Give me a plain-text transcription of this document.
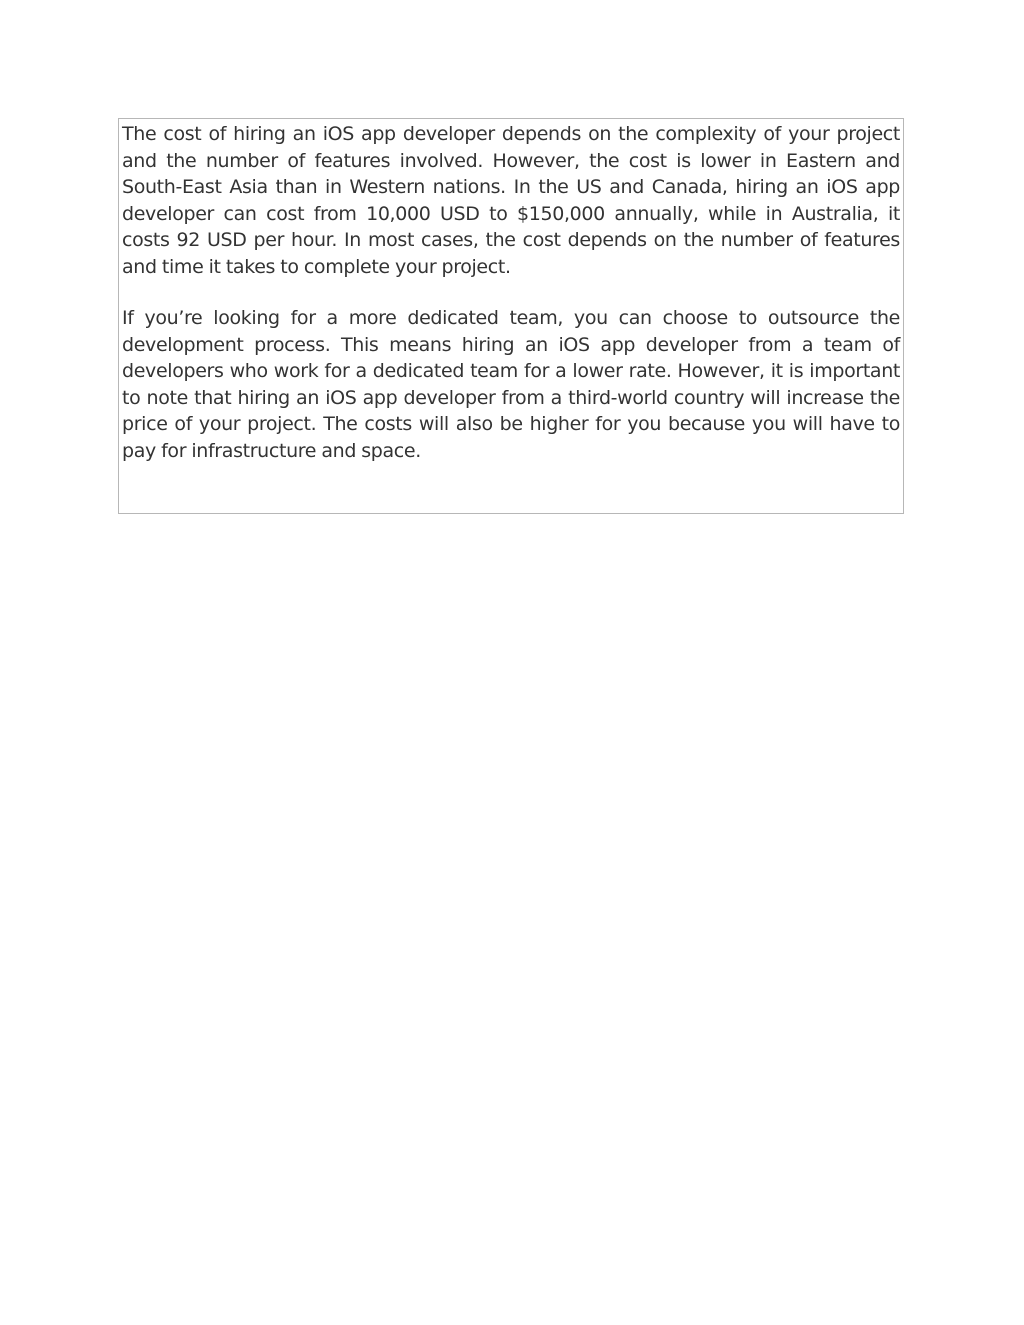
The cost of hiring an iOS app developer depends on the complexity of your project and the number of features involved. However, the cost is lower in Eastern and South-East Asia than in Western nations. In the US and Canada, hiring an iOS app developer can cost from 10,000 USD to $150,000 annually, while in Australia, it costs 92 USD per hour. In most cases, the cost depends on the number of features and time it takes to complete your project.

If you’re looking for a more dedicated team, you can choose to outsource the development process. This means hiring an iOS app developer from a team of developers who work for a dedicated team for a lower rate. However, it is important to note that hiring an iOS app developer from a third-world country will increase the price of your project. The costs will also be higher for you because you will have to pay for infrastructure and space.
